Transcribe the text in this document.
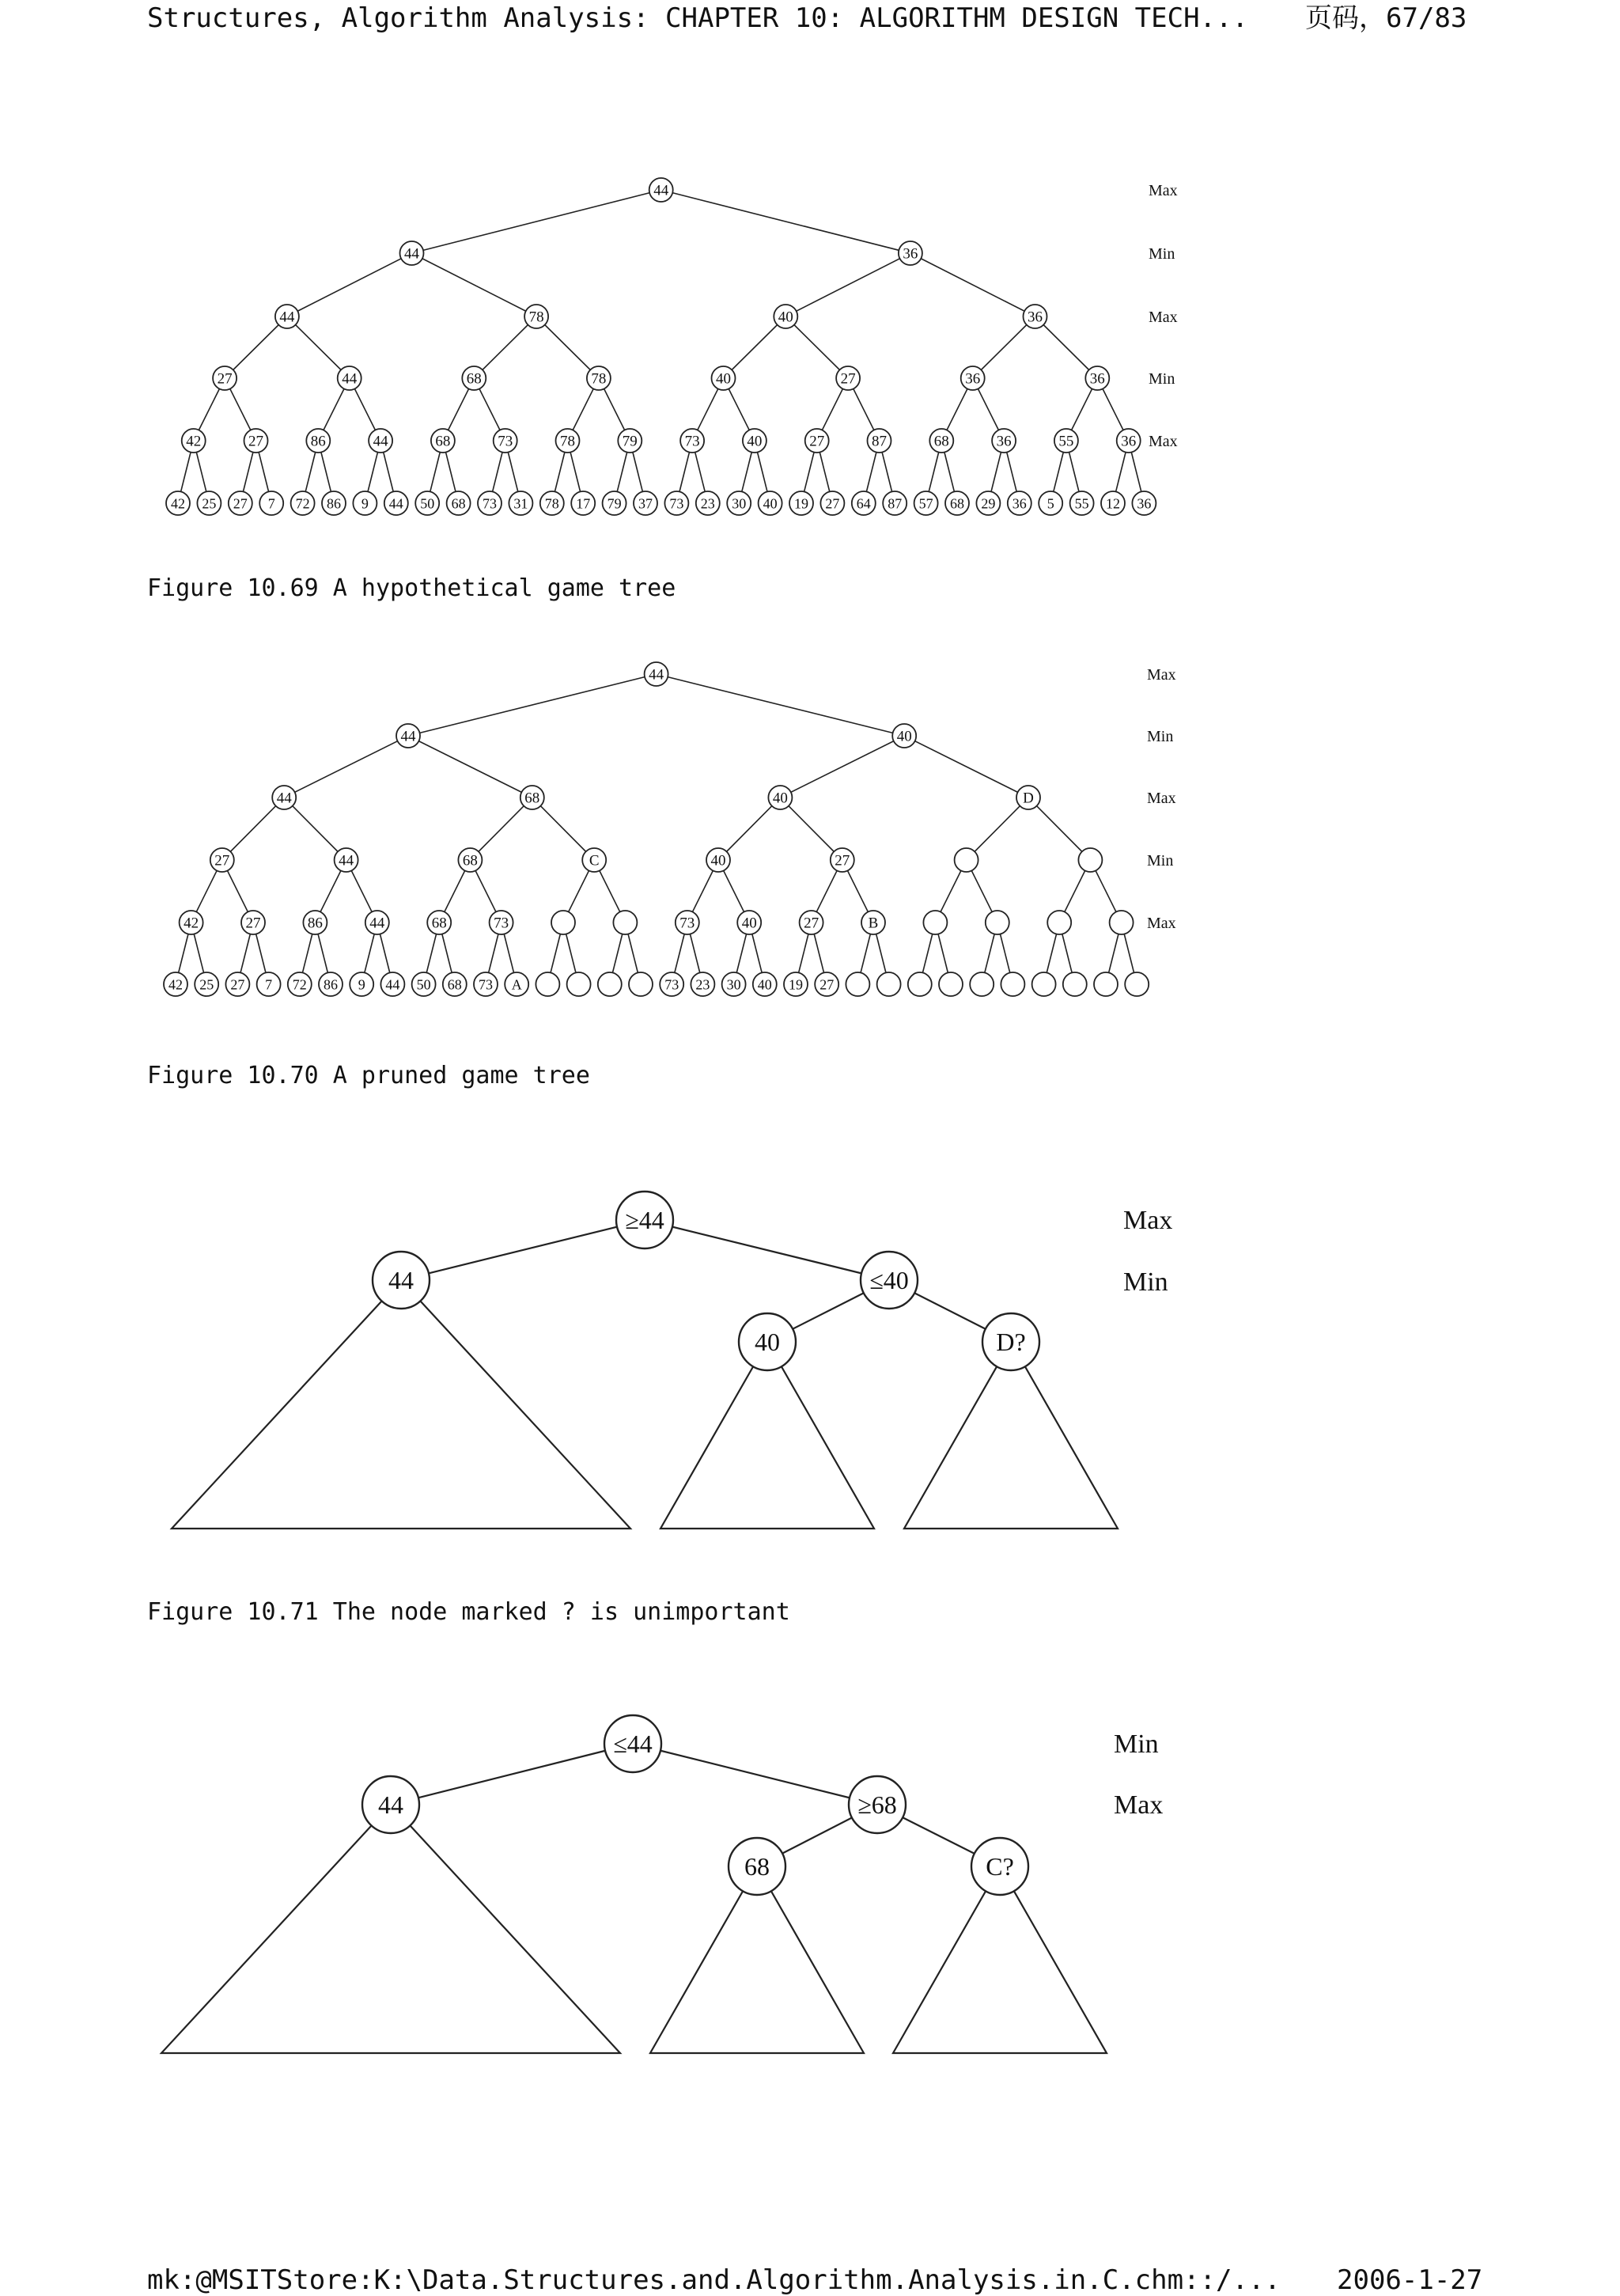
Structures, Algorithm Analysis: CHAPTER 10: ALGORITHM DESIGN TECH... 页码，67/83
44
44	36
44	78	40	36
27	44	68	78	40	27	36	36
42	27	86	44	68	73	78	79	73	40	27	87	68	36	55	36
42 25 27 7 72 86 9 44 50 68 73 31 78 17 79 37 73 23 30 40 19 27 64 87 57 68 29 36 5 55 12 36
Max
Min
Max
Min
Max
Figure 10.69 A hypothetical game tree
44
44	40
44	68	40	D
27	44	68	C	40	27
42	27	86	44	68	73	73	40	27	B
42 25 27 7 72 86 9 44 50 68 73 A	73 23 30 40 19 27
Max
Min
Max
Min
Max
Figure 10.70 A pruned game tree
≥44
44	≤40
40	D?
Max
Min
Figure 10.71 The node marked ? is unimportant
≤44
44	≥68
68	C?
Min
Max
mk:@MSITStore:K:\Data.Structures.and.Algorithm.Analysis.in.C.chm::/... 2006-1-27
